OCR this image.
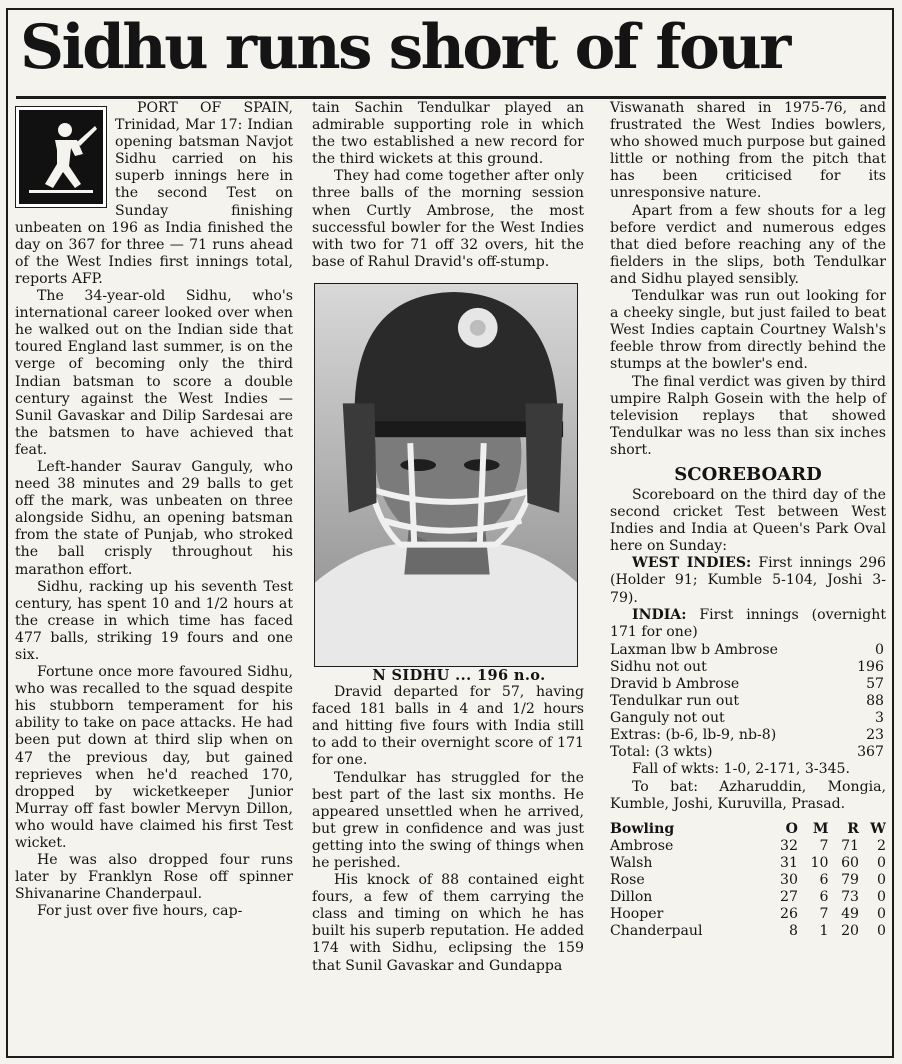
Sidhu runs short of four

PORT OF SPAIN, Trinidad, Mar 17: Indian opening batsman Navjot Sidhu carried on his superb innings here in the second Test on Sunday finishing unbeaten on 196 as India finished the day on 367 for three — 71 runs ahead of the West Indies first innings total, reports AFP.

The 34-year-old Sidhu, who's international career looked over when he walked out on the Indian side that toured England last summer, is on the verge of becoming only the third Indian batsman to score a double century against the West Indies — Sunil Gavaskar and Dilip Sardesai are the batsmen to have achieved that feat.

Left-hander Saurav Ganguly, who need 38 minutes and 29 balls to get off the mark, was unbeaten on three alongside Sidhu, an opening batsman from the state of Punjab, who stroked the ball crisply throughout his marathon effort.

Sidhu, racking up his seventh Test century, has spent 10 and 1/2 hours at the crease in which time has faced 477 balls, striking 19 fours and one six.

Fortune once more favoured Sidhu, who was recalled to the squad despite his stubborn temperament for his ability to take on pace attacks. He had been put down at third slip when on 47 the previous day, but gained reprieves when he'd reached 170, dropped by wicketkeeper Junior Murray off fast bowler Mervyn Dillon, who would have claimed his first Test wicket.

He was also dropped four runs later by Franklyn Rose off spinner Shivanarine Chanderpaul.

For just over five hours, cap-

tain Sachin Tendulkar played an admirable supporting role in which the two established a new record for the third wickets at this ground.

They had come together after only three balls of the morning session when Curtly Ambrose, the most successful bowler for the West Indies with two for 71 off 32 overs, hit the base of Rahul Dravid's off-stump.

N SIDHU ... 196 n.o.

Dravid departed for 57, having faced 181 balls in 4 and 1/2 hours and hitting five fours with India still to add to their overnight score of 171 for one.

Tendulkar has struggled for the best part of the last six months. He appeared unsettled when he arrived, but grew in confidence and was just getting into the swing of things when he perished.

His knock of 88 contained eight fours, a few of them carrying the class and timing on which he has built his superb reputation. He added 174 with Sidhu, eclipsing the 159 that Sunil Gavaskar and Gundappa

Viswanath shared in 1975-76, and frustrated the West Indies bowlers, who showed much purpose but gained little or nothing from the pitch that has been criticised for its unresponsive nature.

Apart from a few shouts for a leg before verdict and numerous edges that died before reaching any of the fielders in the slips, both Tendulkar and Sidhu played sensibly.

Tendulkar was run out looking for a cheeky single, but just failed to beat West Indies captain Courtney Walsh's feeble throw from directly behind the stumps at the bowler's end.

The final verdict was given by third umpire Ralph Gosein with the help of television replays that showed Tendulkar was no less than six inches short.

SCOREBOARD

Scoreboard on the third day of the second cricket Test between West Indies and India at Queen's Park Oval here on Sunday:

WEST INDIES: First innings 296 (Holder 91; Kumble 5-104, Joshi 3-79).

INDIA: First innings (overnight 171 for one)

Laxman lbw b Ambrose	0
Sidhu not out	196
Dravid b Ambrose	57
Tendulkar run out	88
Ganguly not out	3
Extras: (b-6, lb-9, nb-8)	23
Total: (3 wkts)	367

Fall of wkts: 1-0, 2-171, 3-345.

To bat: Azharuddin, Mongia, Kumble, Joshi, Kuruvilla, Prasad.

Bowling	O	M	R	W
Ambrose	32	7	71	2
Walsh	31	10	60	0
Rose	30	6	79	0
Dillon	27	6	73	0
Hooper	26	7	49	0
Chanderpaul	8	1	20	0
